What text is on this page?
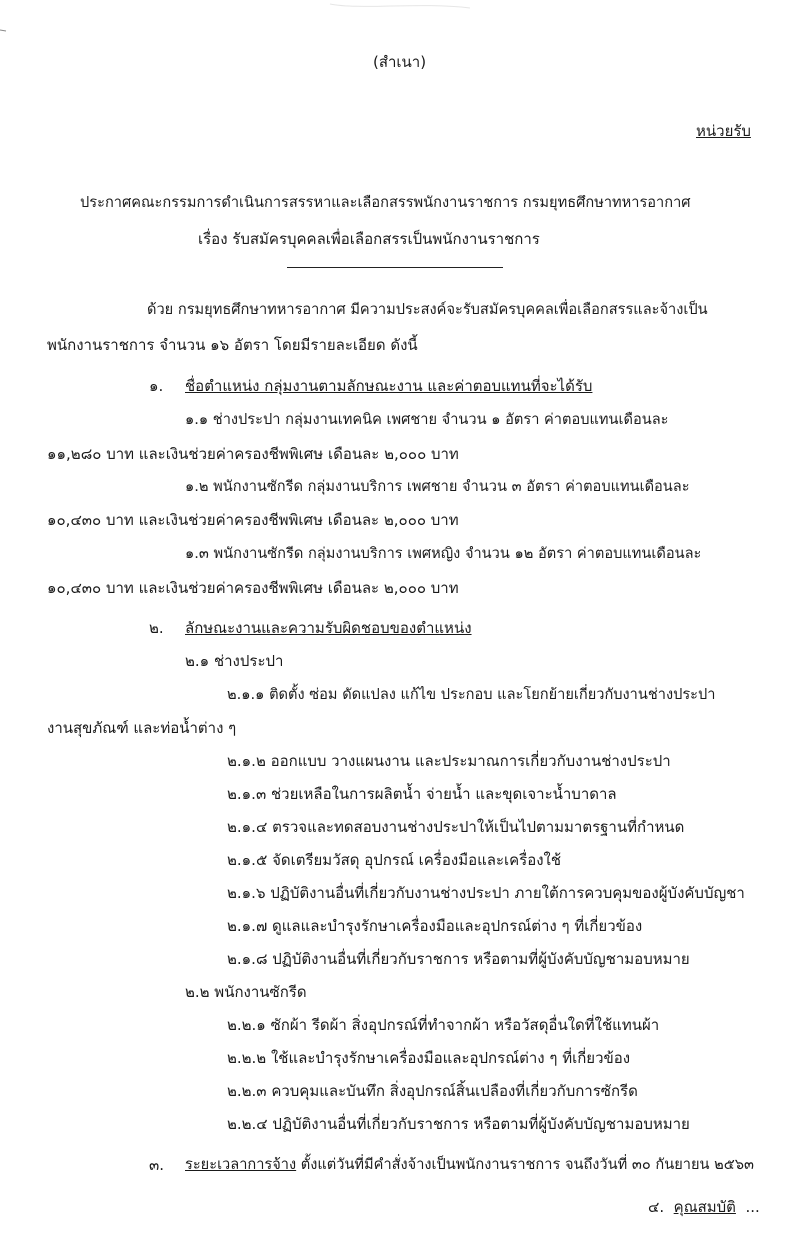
(สำเนา)
หน่วยรับ
ประกาศคณะกรรมการดำเนินการสรรหาและเลือกสรรพนักงานราชการ กรมยุทธศึกษาทหารอากาศ
เรื่อง รับสมัครบุคคลเพื่อเลือกสรรเป็นพนักงานราชการ
ด้วย กรมยุทธศึกษาทหารอากาศ มีความประสงค์จะรับสมัครบุคคลเพื่อเลือกสรรและจ้างเป็น
พนักงานราชการ จำนวน ๑๖ อัตรา โดยมีรายละเอียด ดังนี้
๑. ชื่อตำแหน่ง กลุ่มงานตามลักษณะงาน และค่าตอบแทนที่จะได้รับ
๑.๑ ช่างประปา กลุ่มงานเทคนิค เพศชาย จำนวน ๑ อัตรา ค่าตอบแทนเดือนละ
๑๑,๒๘๐ บาท และเงินช่วยค่าครองชีพพิเศษ เดือนละ ๒,๐๐๐ บาท
๑.๒ พนักงานซักรีด กลุ่มงานบริการ เพศชาย จำนวน ๓ อัตรา ค่าตอบแทนเดือนละ
๑๐,๔๓๐ บาท และเงินช่วยค่าครองชีพพิเศษ เดือนละ ๒,๐๐๐ บาท
๑.๓ พนักงานซักรีด กลุ่มงานบริการ เพศหญิง จำนวน ๑๒ อัตรา ค่าตอบแทนเดือนละ
๑๐,๔๓๐ บาท และเงินช่วยค่าครองชีพพิเศษ เดือนละ ๒,๐๐๐ บาท
๒. ลักษณะงานและความรับผิดชอบของตำแหน่ง
๒.๑ ช่างประปา
๒.๑.๑ ติดตั้ง ซ่อม ดัดแปลง แก้ไข ประกอบ และโยกย้ายเกี่ยวกับงานช่างประปา
งานสุขภัณฑ์ และท่อน้ำต่าง ๆ
๒.๑.๒ ออกแบบ วางแผนงาน และประมาณการเกี่ยวกับงานช่างประปา
๒.๑.๓ ช่วยเหลือในการผลิตน้ำ จ่ายน้ำ และขุดเจาะน้ำบาดาล
๒.๑.๔ ตรวจและทดสอบงานช่างประปาให้เป็นไปตามมาตรฐานที่กำหนด
๒.๑.๕ จัดเตรียมวัสดุ อุปกรณ์ เครื่องมือและเครื่องใช้
๒.๑.๖ ปฏิบัติงานอื่นที่เกี่ยวกับงานช่างประปา ภายใต้การควบคุมของผู้บังคับบัญชา
๒.๑.๗ ดูแลและบำรุงรักษาเครื่องมือและอุปกรณ์ต่าง ๆ ที่เกี่ยวข้อง
๒.๑.๘ ปฏิบัติงานอื่นที่เกี่ยวกับราชการ หรือตามที่ผู้บังคับบัญชามอบหมาย
๒.๒ พนักงานซักรีด
๒.๒.๑ ซักผ้า รีดผ้า สิ่งอุปกรณ์ที่ทำจากผ้า หรือวัสดุอื่นใดที่ใช้แทนผ้า
๒.๒.๒ ใช้และบำรุงรักษาเครื่องมือและอุปกรณ์ต่าง ๆ ที่เกี่ยวข้อง
๒.๒.๓ ควบคุมและบันทึก สิ่งอุปกรณ์สิ้นเปลืองที่เกี่ยวกับการซักรีด
๒.๒.๔ ปฏิบัติงานอื่นที่เกี่ยวกับราชการ หรือตามที่ผู้บังคับบัญชามอบหมาย
๓. ระยะเวลาการจ้าง ตั้งแต่วันที่มีคำสั่งจ้างเป็นพนักงานราชการ จนถึงวันที่ ๓๐ กันยายน ๒๕๖๓
๔. คุณสมบัติ ...
